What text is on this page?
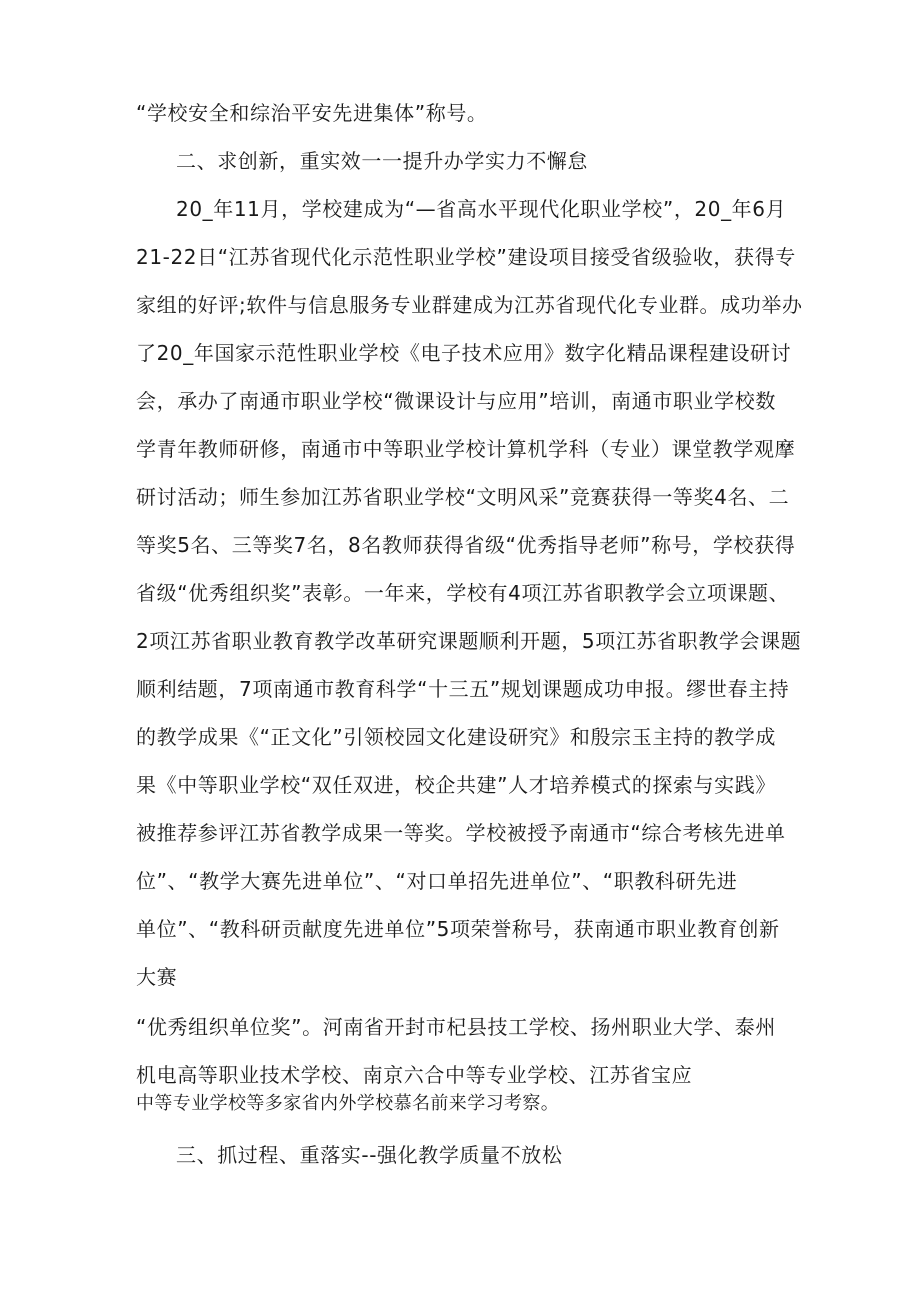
“学校安全和综治平安先进集体”称号。

二、求创新，重实效一一提升办学实力不懈怠

20_年11月，学校建成为“—省高水平现代化职业学校”，20_年6月

21-22日“江苏省现代化示范性职业学校”建设项目接受省级验收，获得专

家组的好评;软件与信息服务专业群建成为江苏省现代化专业群。成功举办

了20_年国家示范性职业学校《电子技术应用》数字化精品课程建设研讨

会，承办了南通市职业学校“微课设计与应用”培训，南通市职业学校数

学青年教师研修，南通市中等职业学校计算机学科（专业）课堂教学观摩

研讨活动；师生参加江苏省职业学校“文明风采”竞赛获得一等奖4名、二

等奖5名、三等奖7名，8名教师获得省级“优秀指导老师”称号，学校获得

省级“优秀组织奖”表彰。一年来，学校有4项江苏省职教学会立项课题、

2项江苏省职业教育教学改革研究课题顺利开题，5项江苏省职教学会课题

顺利结题，7项南通市教育科学“十三五”规划课题成功申报。缪世春主持

的教学成果《“正文化”引领校园文化建设研究》和殷宗玉主持的教学成

果《中等职业学校“双任双进，校企共建”人才培养模式的探索与实践》

被推荐参评江苏省教学成果一等奖。学校被授予南通市“综合考核先进单

位”、“教学大赛先进单位”、“对口单招先进单位”、“职教科研先进

单位”、“教科研贡献度先进单位”5项荣誉称号，获南通市职业教育创新

大赛

“优秀组织单位奖”。河南省开封市杞县技工学校、扬州职业大学、泰州

机电高等职业技术学校、南京六合中等专业学校、江苏省宝应

中等专业学校等多家省内外学校慕名前来学习考察。

三、抓过程、重落实--强化教学质量不放松
